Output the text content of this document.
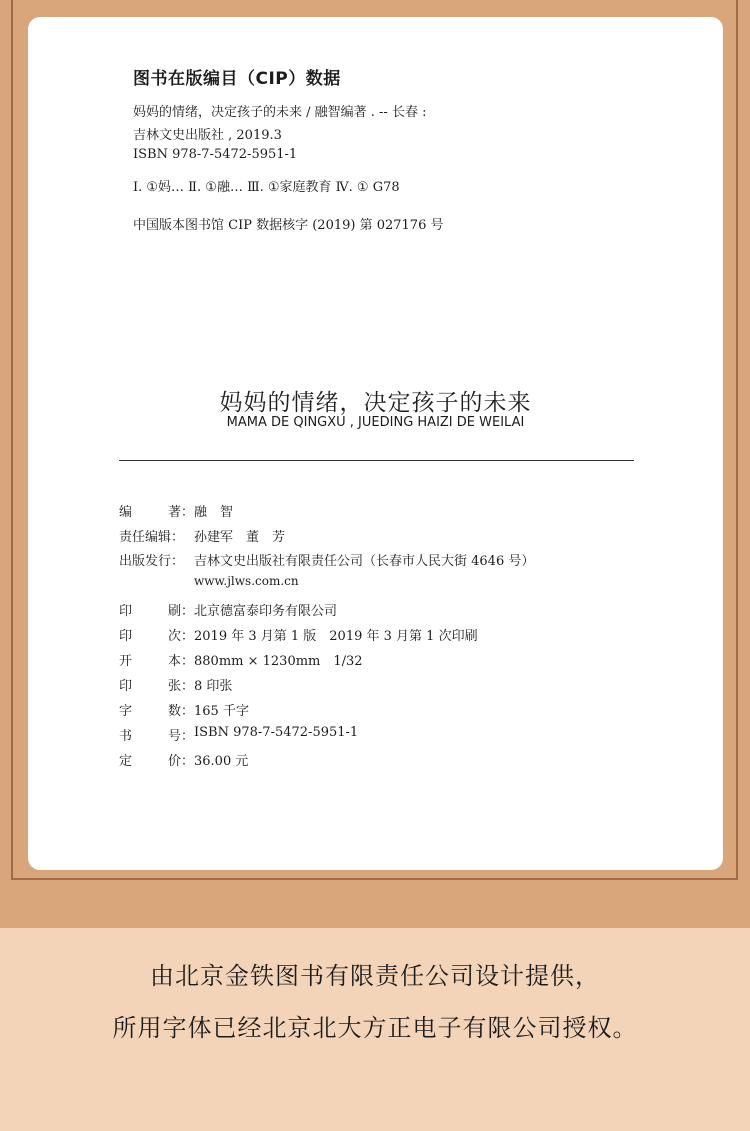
图书在版编目（CIP）数据
妈妈的情绪，决定孩子的未来 / 融智编著 . -- 长春 :
吉林文史出版社 , 2019.3
ISBN 978-7-5472-5951-1
Ⅰ. ①妈… Ⅱ. ①融… Ⅲ. ①家庭教育 Ⅳ. ① G78
中国版本图书馆 CIP 数据核字 (2019) 第 027176 号
妈妈的情绪，决定孩子的未来
MAMA DE QINGXU , JUEDING HAIZI DE WEILAI
编	著： 融　智
责任编辑： 孙建军　董　芳
出版发行： 吉林文史出版社有限责任公司（长春市人民大街 4646 号）
www.jlws.com.cn
印	刷： 北京德富泰印务有限公司
印	次： 2019 年 3 月第 1 版　2019 年 3 月第 1 次印刷
开	本： 880mm × 1230mm　1/32
印	张： 8 印张
字	数： 165 千字
书	号： ISBN 978-7-5472-5951-1
定	价： 36.00 元
由北京金铁图书有限责任公司设计提供，
所用字体已经北京北大方正电子有限公司授权。
